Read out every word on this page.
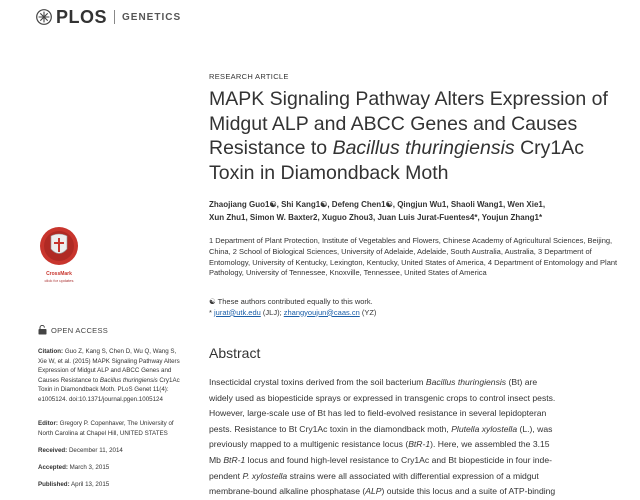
PLOS GENETICS
RESEARCH ARTICLE
MAPK Signaling Pathway Alters Expression of
Midgut ALP and ABCC Genes and Causes
Resistance to Bacillus thuringiensis Cry1Ac
Toxin in Diamondback Moth
Zhaojiang Guo1☯, Shi Kang1☯, Defeng Chen1☯, Qingjun Wu1, Shaoli Wang1, Wen Xie1,
Xun Zhu1, Simon W. Baxter2, Xuguo Zhou3, Juan Luis Jurat-Fuentes4*, Youjun Zhang1*
1 Department of Plant Protection, Institute of Vegetables and Flowers, Chinese Academy of Agricultural Sciences, Beijing, China, 2 School of Biological Sciences, University of Adelaide, Adelaide, South Australia, Australia, 3 Department of Entomology, University of Kentucky, Lexington, Kentucky, United States of America, 4 Department of Entomology and Plant Pathology, University of Tennessee, Knoxville, Tennessee, United States of America
☯ These authors contributed equally to this work.
* jurat@utk.edu (JLJ); zhangyoujun@caas.cn (YZ)
Abstract
Insecticidal crystal toxins derived from the soil bacterium Bacillus thuringiensis (Bt) are
widely used as biopesticide sprays or expressed in transgenic crops to control insect pests.
However, large-scale use of Bt has led to field-evolved resistance in several lepidopteran
pests. Resistance to Bt Cry1Ac toxin in the diamondback moth, Plutella xylostella (L.), was
previously mapped to a multigenic resistance locus (BtR-1). Here, we assembled the 3.15
Mb BtR-1 locus and found high-level resistance to Cry1Ac and Bt biopesticide in four inde-
pendent P. xylostella strains were all associated with differential expression of a midgut
membrane-bound alkaline phosphatase (ALP) outside this locus and a suite of ATP-binding
CrossMark
click for updates
OPEN ACCESS
Citation: Guo Z, Kang S, Chen D, Wu Q, Wang S, Xie W, et al. (2015) MAPK Signaling Pathway Alters Expression of Midgut ALP and ABCC Genes and Causes Resistance to Bacillus thuringiensis Cry1Ac Toxin in Diamondback Moth. PLoS Genet 11(4): e1005124. doi:10.1371/journal.pgen.1005124
Editor: Gregory P. Copenhaver, The University of North Carolina at Chapel Hill, UNITED STATES
Received: December 11, 2014
Accepted: March 3, 2015
Published: April 13, 2015
